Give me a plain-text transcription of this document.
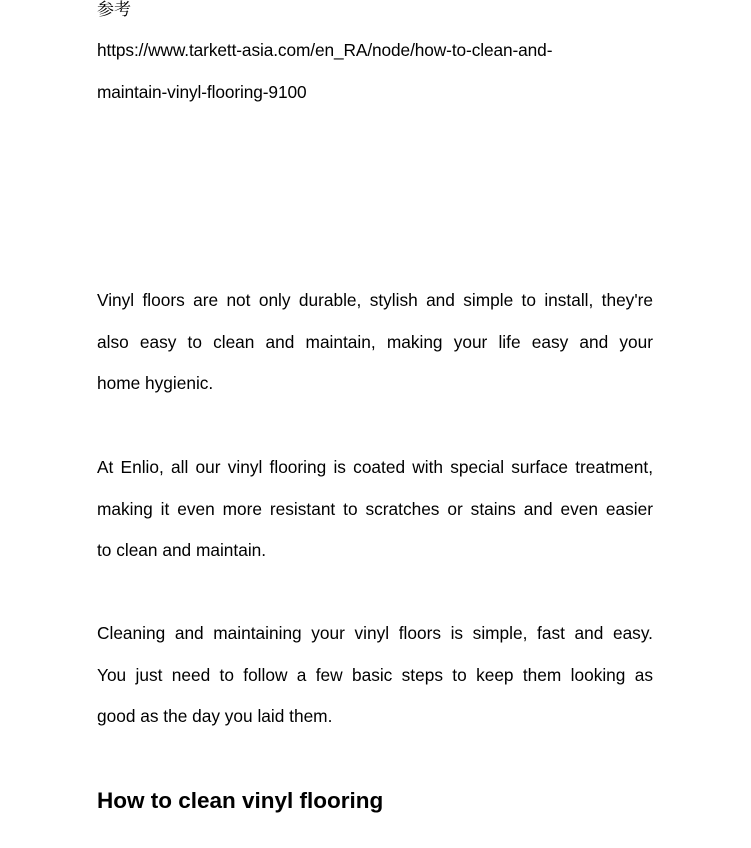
参考

https://www.tarkett-asia.com/en_RA/node/how-to-clean-and-
maintain-vinyl-flooring-9100

Vinyl floors are not only durable, stylish and simple to install, they're
also easy to clean and maintain, making your life easy and your
home hygienic.

At Enlio, all our vinyl flooring is coated with special surface treatment,
making it even more resistant to scratches or stains and even easier
to clean and maintain.

Cleaning and maintaining your vinyl floors is simple, fast and easy.
You just need to follow a few basic steps to keep them looking as
good as the day you laid them.

How to clean vinyl flooring
